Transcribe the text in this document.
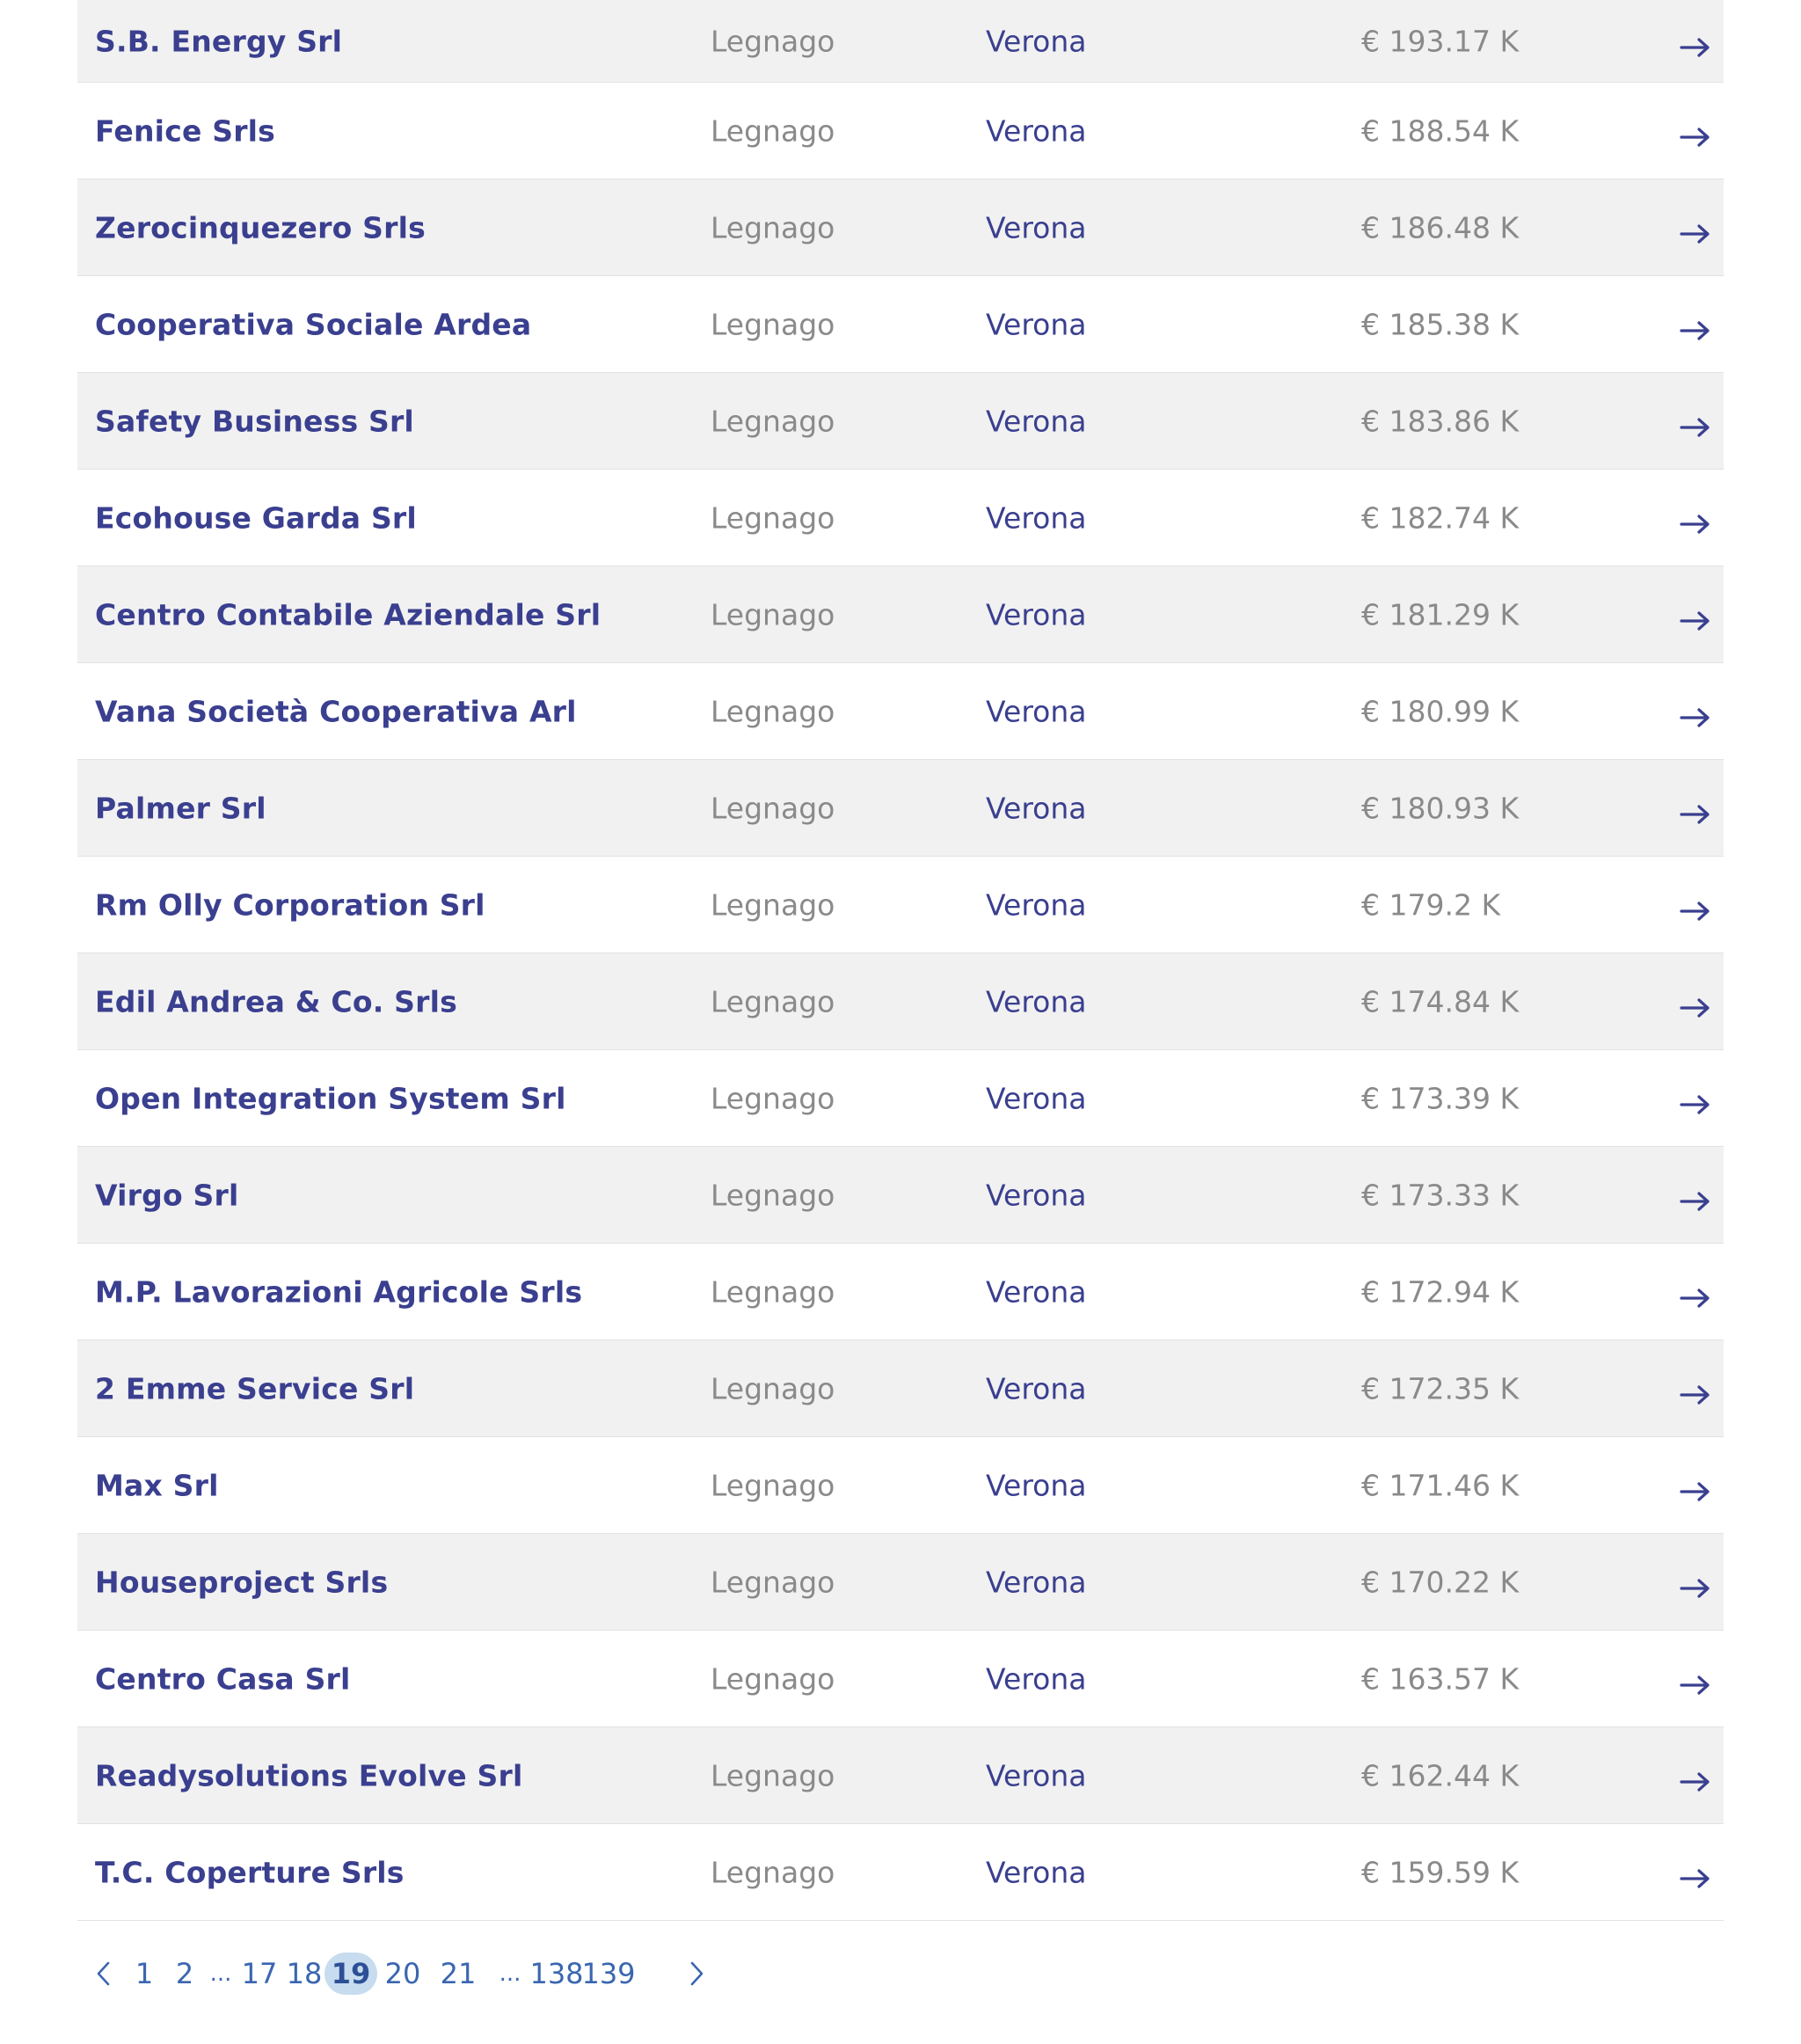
S.B. Energy Srl	Legnago	Verona	€ 193.17 K
Fenice Srls	Legnago	Verona	€ 188.54 K
Zerocinquezero Srls	Legnago	Verona	€ 186.48 K
Cooperativa Sociale Ardea	Legnago	Verona	€ 185.38 K
Safety Business Srl	Legnago	Verona	€ 183.86 K
Ecohouse Garda Srl	Legnago	Verona	€ 182.74 K
Centro Contabile Aziendale Srl	Legnago	Verona	€ 181.29 K
Vana Società Cooperativa Arl	Legnago	Verona	€ 180.99 K
Palmer Srl	Legnago	Verona	€ 180.93 K
Rm Olly Corporation Srl	Legnago	Verona	€ 179.2 K
Edil Andrea & Co. Srls	Legnago	Verona	€ 174.84 K
Open Integration System Srl	Legnago	Verona	€ 173.39 K
Virgo Srl	Legnago	Verona	€ 173.33 K
M.P. Lavorazioni Agricole Srls	Legnago	Verona	€ 172.94 K
2 Emme Service Srl	Legnago	Verona	€ 172.35 K
Max Srl	Legnago	Verona	€ 171.46 K
Houseproject Srls	Legnago	Verona	€ 170.22 K
Centro Casa Srl	Legnago	Verona	€ 163.57 K
Readysolutions Evolve Srl	Legnago	Verona	€ 162.44 K
T.C. Coperture Srls	Legnago	Verona	€ 159.59 K
1 2 ... 17 18 19 20 21 ... 138
139
